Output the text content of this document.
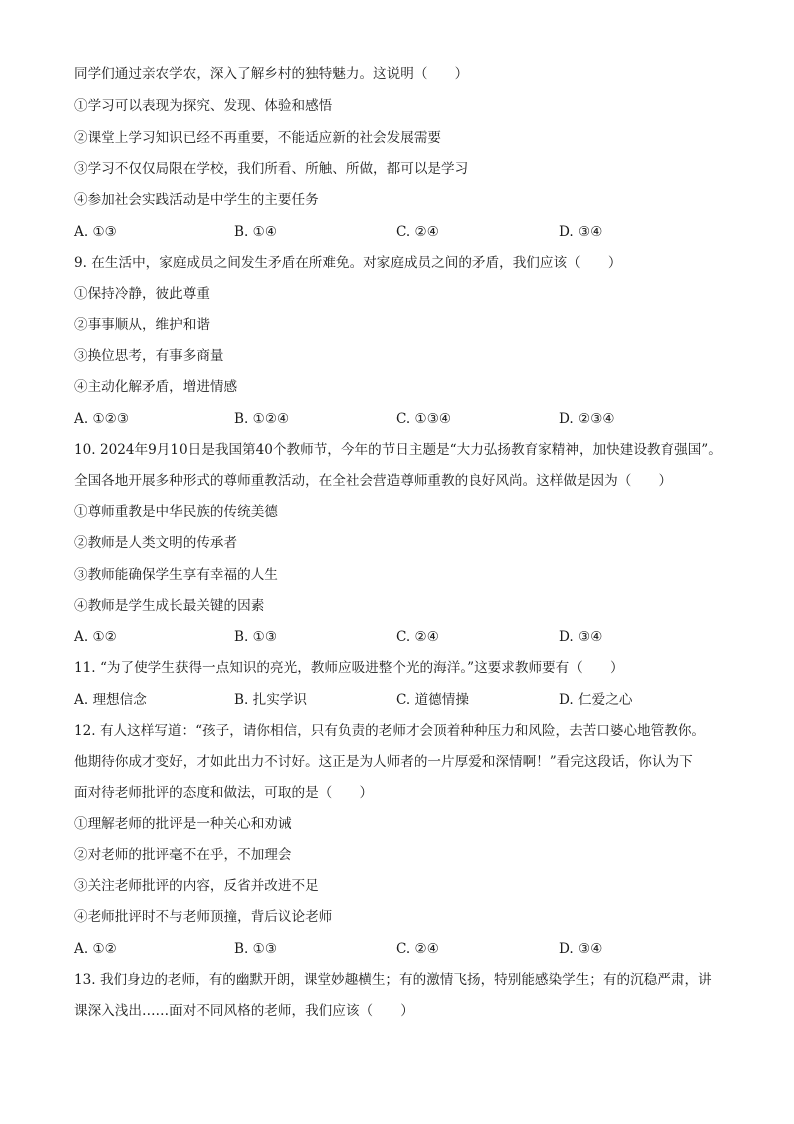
同学们通过亲农学农，深入了解乡村的独特魅力。这说明（　　）
①学习可以表现为探究、发现、体验和感悟
②课堂上学习知识已经不再重要，不能适应新的社会发展需要
③学习不仅仅局限在学校，我们所看、所触、所做，都可以是学习
④参加社会实践活动是中学生的主要任务
A. ①③	B. ①④	C. ②④	D. ③④
9. 在生活中，家庭成员之间发生矛盾在所难免。对家庭成员之间的矛盾，我们应该（　　）
①保持冷静，彼此尊重
②事事顺从，维护和谐
③换位思考，有事多商量
④主动化解矛盾，增进情感
A. ①②③	B. ①②④	C. ①③④	D. ②③④
10. 2024年9月10日是我国第40个教师节，今年的节日主题是“大力弘扬教育家精神，加快建设教育强国”。
全国各地开展多种形式的尊师重教活动，在全社会营造尊师重教的良好风尚。这样做是因为（　　）
①尊师重教是中华民族的传统美德
②教师是人类文明的传承者
③教师能确保学生享有幸福的人生
④教师是学生成长最关键的因素
A. ①②	B. ①③	C. ②④	D. ③④
11. “为了使学生获得一点知识的亮光，教师应吸进整个光的海洋。”这要求教师要有（　　）
A. 理想信念	B. 扎实学识	C. 道德情操	D. 仁爱之心
12. 有人这样写道：“孩子，请你相信，只有负责的老师才会顶着种种压力和风险，去苦口婆心地管教你。
他期待你成才变好，才如此出力不讨好。这正是为人师者的一片厚爱和深情啊！”看完这段话，你认为下
面对待老师批评的态度和做法，可取的是（　　）
①理解老师的批评是一种关心和劝诫
②对老师的批评毫不在乎，不加理会
③关注老师批评的内容，反省并改进不足
④老师批评时不与老师顶撞，背后议论老师
A. ①②	B. ①③	C. ②④	D. ③④
13. 我们身边的老师，有的幽默开朗，课堂妙趣横生；有的激情飞扬，特别能感染学生；有的沉稳严肃，讲
课深入浅出……面对不同风格的老师，我们应该（　　）
